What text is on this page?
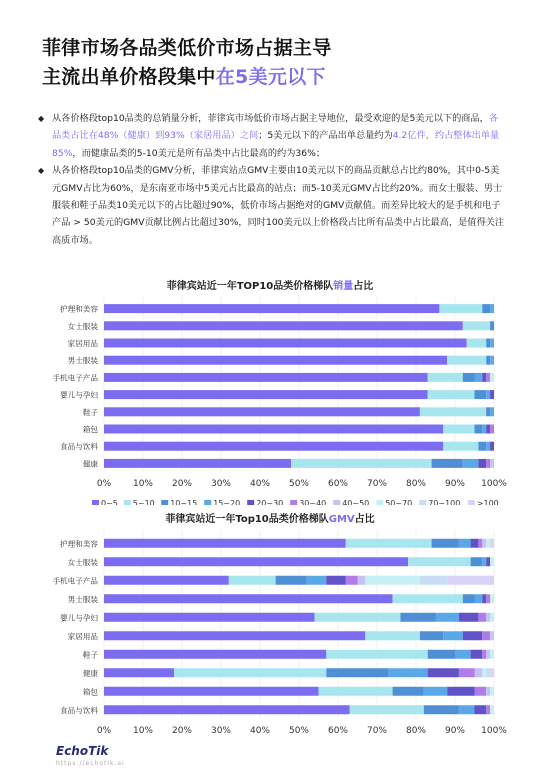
菲律市场各品类低价市场占据主导
主流出单价格段集中在5美元以下
◆ 从各价格段top10品类的总销量分析，菲律宾市场低价市场占据主导地位，最受欢迎的是5美元以下的商品，各品类占比在48%（健康）到93%（家居用品）之间；5美元以下的产品出单总量约为4.2亿件，约占整体出单量85%，而健康品类的5-10美元是所有品类中占比最高的约为36%；
◆ 从各价格段top10品类的GMV分析，菲律宾站点GMV主要由10美元以下的商品贡献总占比约80%，其中0-5美元GMV占比为60%，是东南亚市场中5美元占比最高的站点；而5-10美元GMV占比约20%。而女士服装、男士服装和鞋子品类10美元以下的占比超过90%，低价市场占据绝对的GMV贡献值。而差异比较大的是手机和电子产品 > 50美元的GMV贡献比例占比超过30%，同时100美元以上价格段占比所有品类中占比最高，是值得关注高质市场。
菲律宾站近一年TOP10品类价格梯队销量占比
0% 10% 20% 30% 40% 50% 60% 70% 80% 90% 100%
护理和美容
女士服装
家居用品
男士服装
手机电子产品
婴儿与孕妇
鞋子
箱包
食品与饮料
健康
0~5 5~10 10~15 15~20 20~30 30~40 40~50 50~70 70~100 >100
菲律宾站近一年Top10品类价格梯队GMV占比
0% 10% 20% 30% 40% 50% 60% 70% 80% 90% 100%
护理和美容
女士服装
手机电子产品
男士服装
婴儿与孕妇
家居用品
鞋子
健康
箱包
食品与饮料
EchoTik
https://echotik.ai
